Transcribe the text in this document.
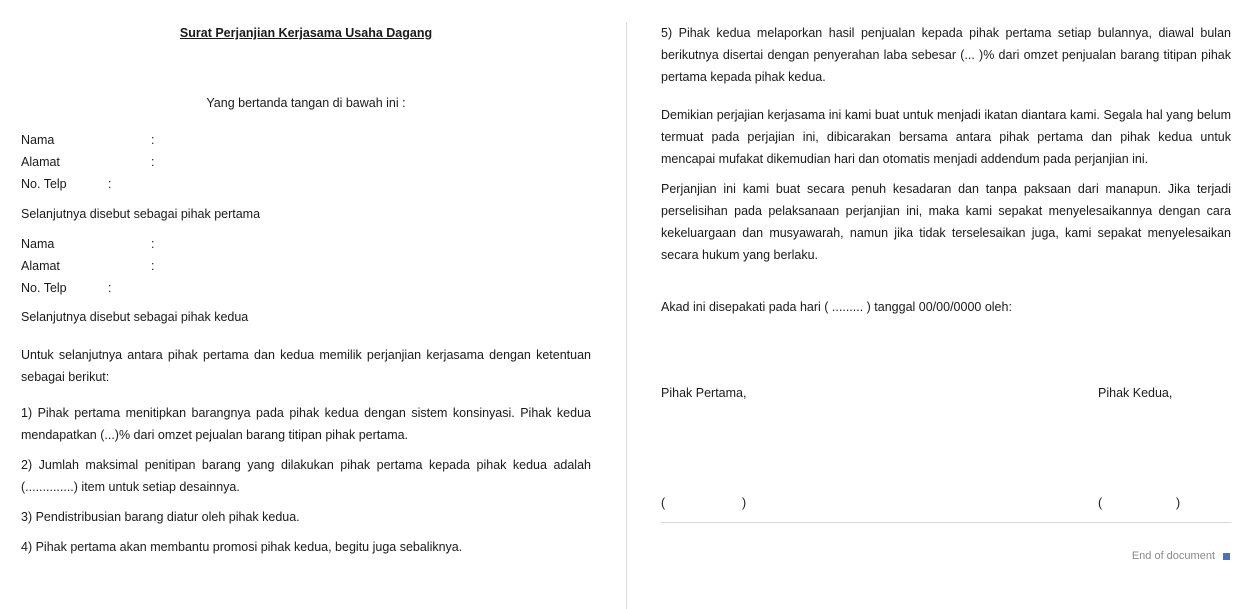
Surat Perjanjian Kerjasama Usaha Dagang

Yang bertanda tangan di bawah ini :

Nama	:
Alamat	:
No. Telp	:

Selanjutnya disebut sebagai pihak pertama

Nama	:
Alamat	:
No. Telp	:

Selanjutnya disebut sebagai pihak kedua

Untuk selanjutnya antara pihak pertama dan kedua memilik perjanjian kerjasama dengan ketentuan sebagai berikut:

1) Pihak pertama menitipkan barangnya pada pihak kedua dengan sistem konsinyasi. Pihak kedua mendapatkan (...)% dari omzet pejualan barang titipan pihak pertama.

2) Jumlah maksimal penitipan barang yang dilakukan pihak pertama kepada pihak kedua adalah (..............) item untuk setiap desainnya.

3) Pendistribusian barang diatur oleh pihak kedua.

4) Pihak pertama akan membantu promosi pihak kedua, begitu juga sebaliknya.

5) Pihak kedua melaporkan hasil penjualan kepada pihak pertama setiap bulannya, diawal bulan berikutnya disertai dengan penyerahan laba sebesar (... )% dari omzet penjualan barang titipan pihak pertama kepada pihak kedua.

Demikian perjajian kerjasama ini kami buat untuk menjadi ikatan diantara kami. Segala hal yang belum termuat pada perjajian ini, dibicarakan bersama antara pihak pertama dan pihak kedua untuk mencapai mufakat dikemudian hari dan otomatis menjadi addendum pada perjanjian ini.

Perjanjian ini kami buat secara penuh kesadaran dan tanpa paksaan dari manapun. Jika terjadi perselisihan pada pelaksanaan perjanjian ini, maka kami sepakat menyelesaikannya dengan cara kekeluargaan dan musyawarah, namun jika tidak terselesaikan juga, kami sepakat menyelesaikan secara hukum yang berlaku.

Akad ini disepakati pada hari ( ......... ) tanggal 00/00/0000 oleh:

Pihak Pertama,	Pihak Kedua,
(	)	(	)
End of document
